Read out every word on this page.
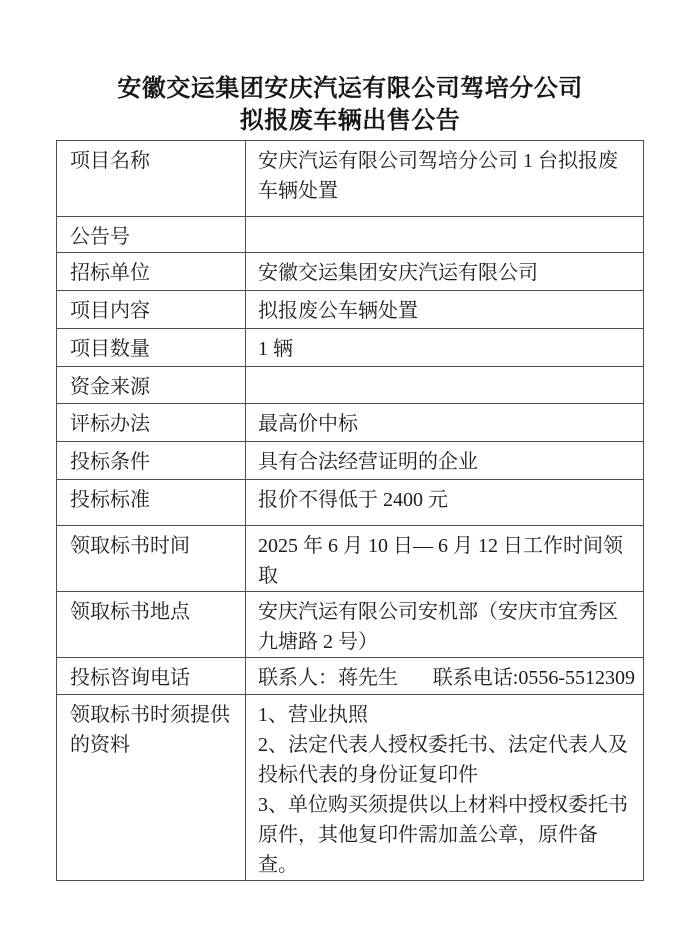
安徽交运集团安庆汽运有限公司驾培分公司
拟报废车辆出售公告
项目名称	安庆汽运有限公司驾培分公司 1 台拟报废车辆处置
公告号	
招标单位	安徽交运集团安庆汽运有限公司
项目内容	拟报废公车辆处置
项目数量	1 辆
资金来源	
评标办法	最高价中标
投标条件	具有合法经营证明的企业
投标标准	报价不得低于 2400 元
领取标书时间	2025 年 6 月 10 日— 6 月 12 日工作时间领取
领取标书地点	安庆汽运有限公司安机部（安庆市宜秀区九塘路 2 号）
投标咨询电话	联系人：蒋先生 联系电话:0556-5512309

领取标书时须提供的资料	1、营业执照

2、法定代表人授权委托书、法定代表人及投标代表的身份证复印件

3、单位购买须提供以上材料中授权委托书原件，其他复印件需加盖公章，原件备查。
